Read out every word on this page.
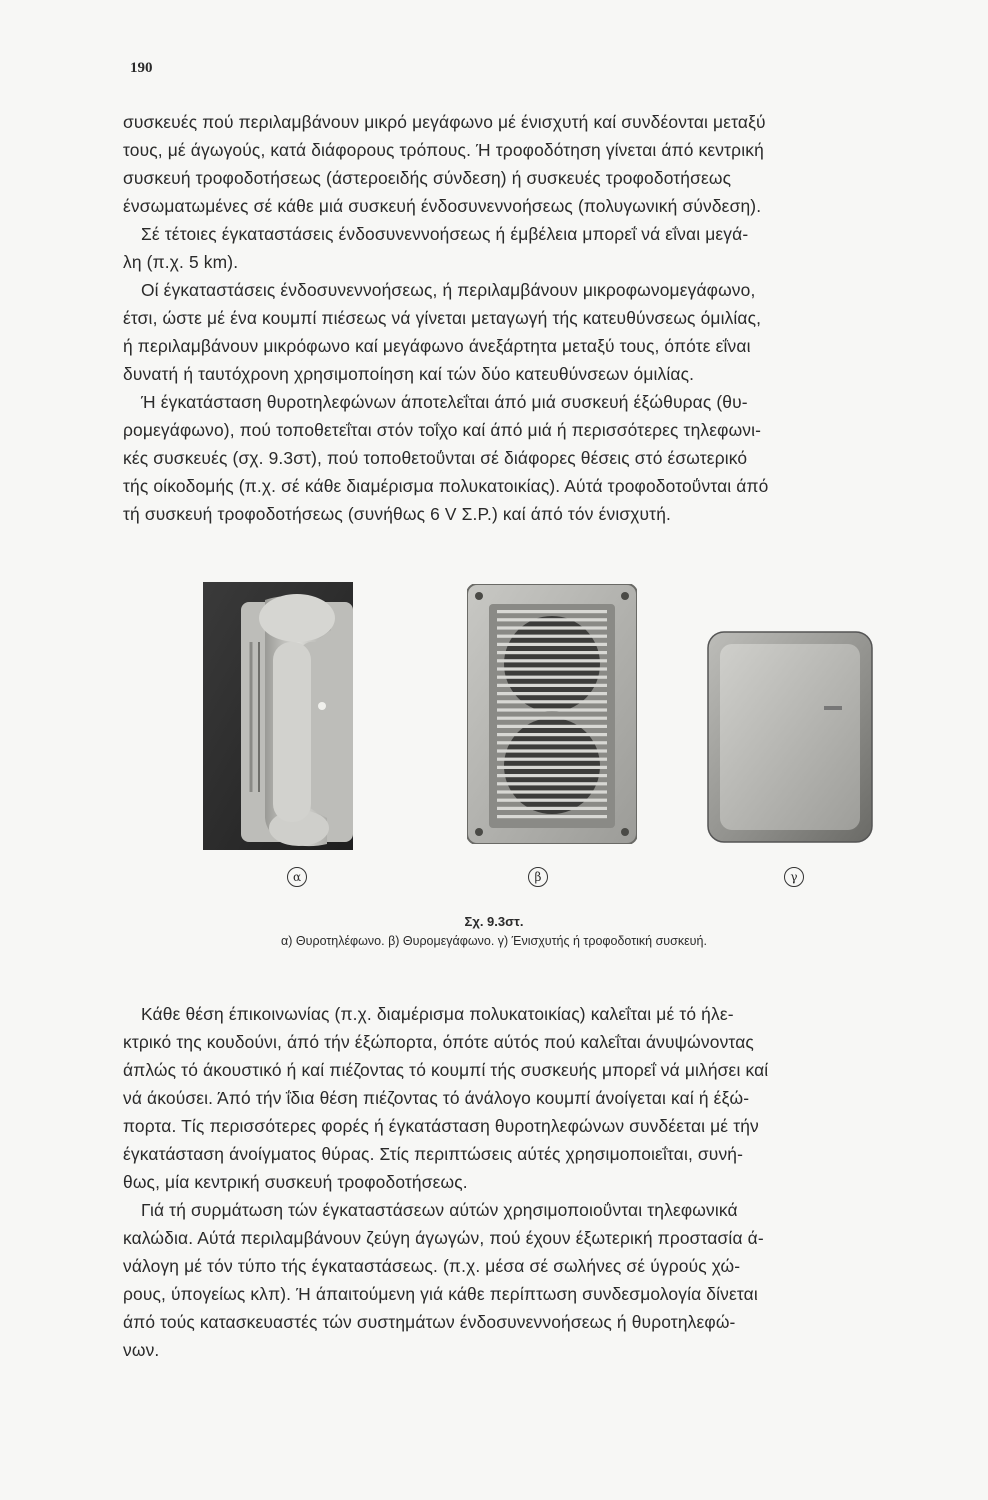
190
συσκευές πού περιλαμβάνουν μικρό μεγάφωνο μέ ένισχυτή καί συνδέονται μεταξύ
τους, μέ άγωγούς, κατά διάφορους τρόπους. Ή τροφοδότηση γίνεται άπό κεντρική
συσκευή τροφοδοτήσεως (άστεροειδής σύνδεση) ή συσκευές τροφοδοτήσεως
ένσωματωμένες σέ κάθε μιά συσκευή ένδοσυνεννοήσεως (πολυγωνική σύνδεση).
Σέ τέτοιες έγκαταστάσεις ένδοσυνεννοήσεως ή έμβέλεια μπορεΐ νά εΐναι μεγά-
λη (π.χ. 5 km).
Οί έγκαταστάσεις ένδοσυνεννοήσεως, ή περιλαμβάνουν μικροφωνομεγάφωνο,
έτσι, ώστε μέ ένα κουμπί πιέσεως νά γίνεται μεταγωγή τής κατευθύνσεως όμιλίας,
ή περιλαμβάνουν μικρόφωνο καί μεγάφωνο άνεξάρτητα μεταξύ τους, όπότε εΐναι
δυνατή ή ταυτόχρονη χρησιμοποίηση καί τών δύο κατευθύνσεων όμιλίας.
Ή έγκατάσταση θυροτηλεφώνων άποτελεΐται άπό μιά συσκευή έξώθυρας (θυ-
ρομεγάφωνο), πού τοποθετεΐται στόν τοΐχο καί άπό μιά ή περισσότερες τηλεφωνι-
κές συσκευές (σχ. 9.3στ), πού τοποθετοΰνται σέ διάφορες θέσεις στό έσωτερικό
τής οίκοδομής (π.χ. σέ κάθε διαμέρισμα πολυκατοικίας). Αύτά τροφοδοτοΰνται άπό
τή συσκευή τροφοδοτήσεως (συνήθως 6 V Σ.Ρ.) καί άπό τόν ένισχυτή.
α	β	γ
Σχ. 9.3στ.
α) Θυροτηλέφωνο. β) Θυρομεγάφωνο. γ) Ένισχυτής ή τροφοδοτική συσκευή.
Κάθε θέση έπικοινωνίας (π.χ. διαμέρισμα πολυκατοικίας) καλεΐται μέ τό ήλε-
κτρικό της κουδούνι, άπό τήν έξώπορτα, όπότε αύτός πού καλεΐται άνυψώνοντας
άπλώς τό άκουστικό ή καί πιέζοντας τό κουμπί τής συσκευής μπορεΐ νά μιλήσει καί
νά άκούσει. Άπό τήν ΐδια θέση πιέζοντας τό άνάλογο κουμπί άνοίγεται καί ή έξώ-
πορτα. Τίς περισσότερες φορές ή έγκατάσταση θυροτηλεφώνων συνδέεται μέ τήν
έγκατάσταση άνοίγματος θύρας. Στίς περιπτώσεις αύτές χρησιμοποιεΐται, συνή-
θως, μία κεντρική συσκευή τροφοδοτήσεως.
Γιά τή συρμάτωση τών έγκαταστάσεων αύτών χρησιμοποιοΰνται τηλεφωνικά
καλώδια. Αύτά περιλαμβάνουν ζεύγη άγωγών, πού έχουν έξωτερική προστασία ά-
νάλογη μέ τόν τύπο τής έγκαταστάσεως. (π.χ. μέσα σέ σωλήνες σέ ύγρούς χώ-
ρους, ύπογείως κλπ). Ή άπαιτούμενη γιά κάθε περίπτωση συνδεσμολογία δίνεται
άπό τούς κατασκευαστές τών συστημάτων ένδοσυνεννοήσεως ή θυροτηλεφώ-
νων.
